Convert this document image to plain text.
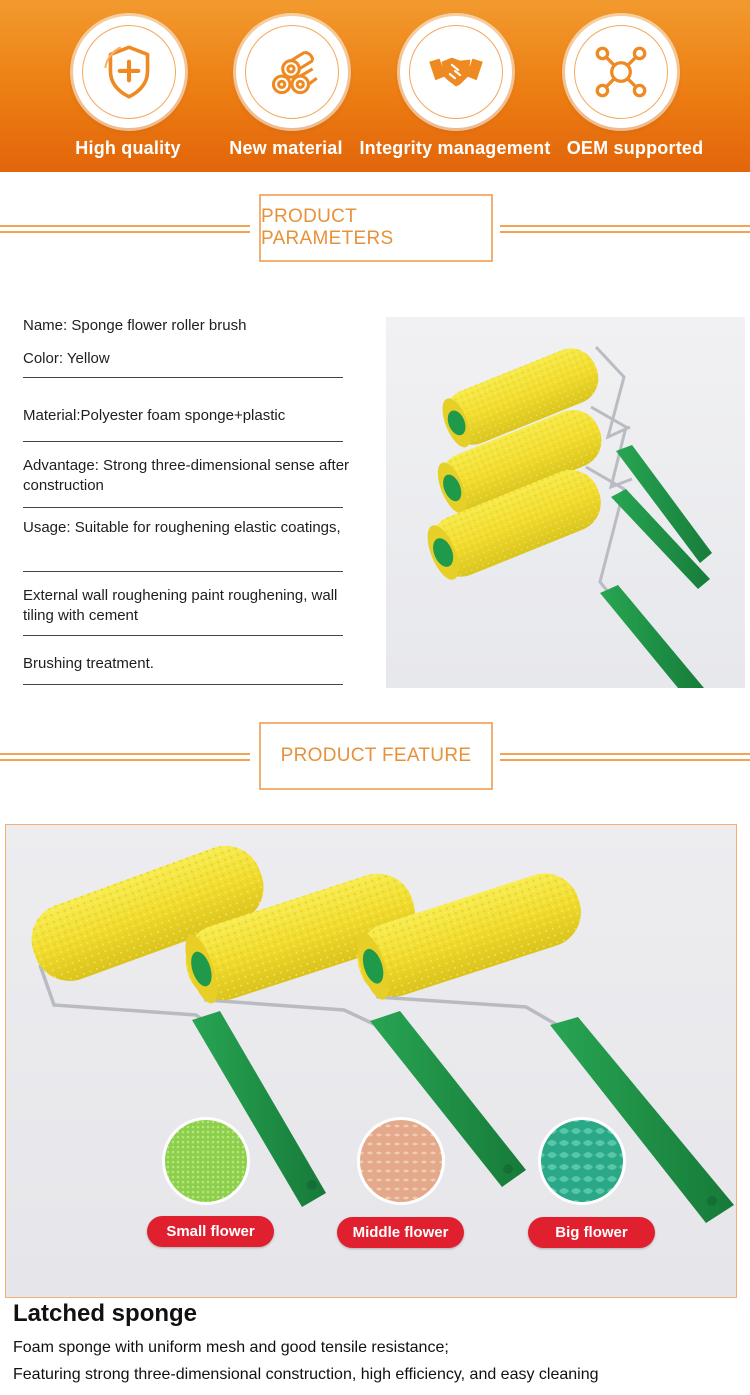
High quality	New material Integrity management OEM supported
PRODUCT PARAMETERS
Name: Sponge flower roller brush
Color: Yellow
Material:Polyester foam sponge+plastic
Advantage: Strong three-dimensional sense after construction
Usage: Suitable for roughening elastic coatings,
External wall roughening paint roughening, wall tiling with cement
Brushing treatment.
PRODUCT FEATURE
Small flower	Middle flower	Big flower
Latched sponge
Foam sponge with uniform mesh and good tensile resistance;
Featuring strong three-dimensional construction, high efficiency, and easy cleaning
